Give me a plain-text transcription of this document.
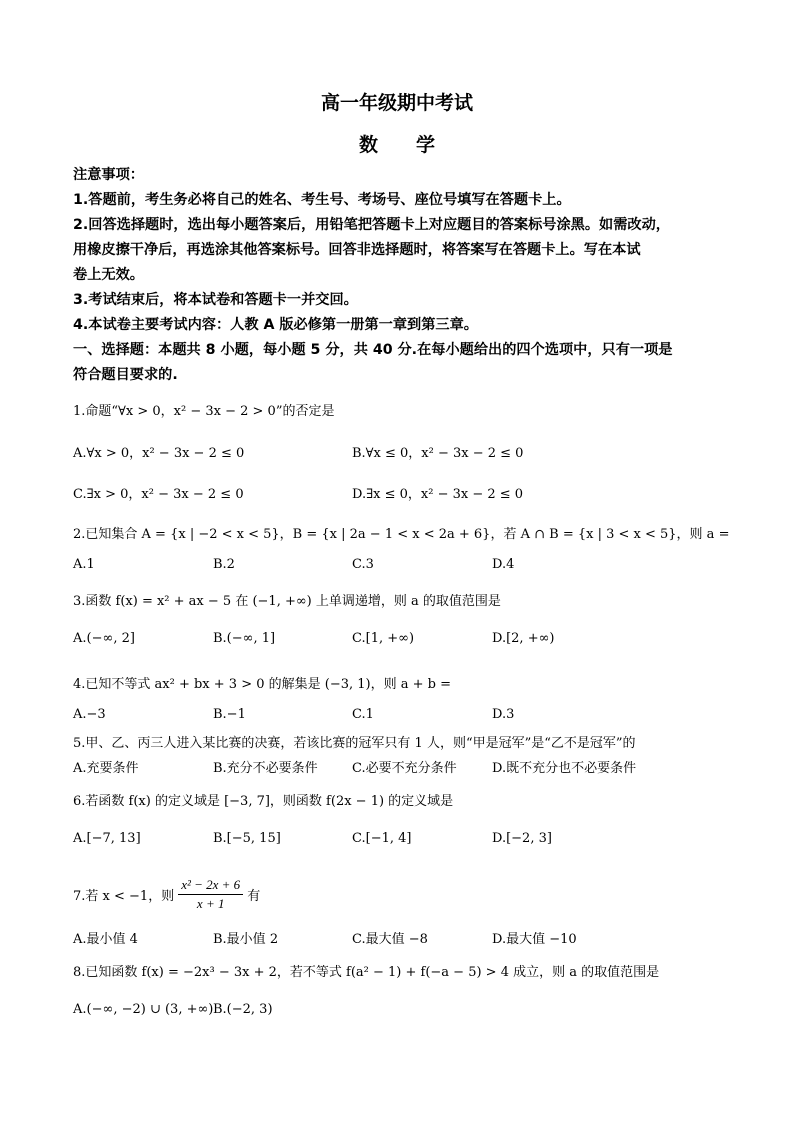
高一年级期中考试
数 学
注意事项：
1.答题前，考生务必将自己的姓名、考生号、考场号、座位号填写在答题卡上。
2.回答选择题时，选出每小题答案后，用铅笔把答题卡上对应题目的答案标号涂黑。如需改动，
用橡皮擦干净后，再选涂其他答案标号。回答非选择题时，将答案写在答题卡上。写在本试
卷上无效。
3.考试结束后，将本试卷和答题卡一并交回。
4.本试卷主要考试内容：人教 A 版必修第一册第一章到第三章。
一、选择题：本题共 8 小题，每小题 5 分，共 40 分.在每小题给出的四个选项中，只有一项是
符合题目要求的.
1.命题“∀x > 0，x² − 3x − 2 > 0”的否定是
A.∀x > 0，x² − 3x − 2 ≤ 0	B.∀x ≤ 0，x² − 3x − 2 ≤ 0
C.∃x > 0，x² − 3x − 2 ≤ 0	D.∃x ≤ 0，x² − 3x − 2 ≤ 0
2.已知集合 A = {x | −2 < x < 5}，B = {x | 2a − 1 < x < 2a + 6}，若 A ∩ B = {x | 3 < x < 5}，则 a =
A.1	B.2	C.3	D.4
3.函数 f(x) = x² + ax − 5 在 (−1, +∞) 上单调递增，则 a 的取值范围是
A.(−∞, 2]	B.(−∞, 1]	C.[1, +∞)	D.[2, +∞)
4.已知不等式 ax² + bx + 3 > 0 的解集是 (−3, 1)，则 a + b =
A.−3	B.−1	C.1	D.3
5.甲、乙、丙三人进入某比赛的决赛，若该比赛的冠军只有 1 人，则“甲是冠军”是“乙不是冠军”的
A.充要条件	B.充分不必要条件	C.必要不充分条件	D.既不充分也不必要条件
6.若函数 f(x) 的定义域是 [−3, 7]，则函数 f(2x − 1) 的定义域是
A.[−7, 13]	B.[−5, 15]	C.[−1, 4]	D.[−2, 3]
7.若 x < −1，则 $\frac{\text{x² − 2x + 6}}{x + 1}$ 有
A.最小值 4	B.最小值 2	C.最大值 −8	D.最大值 −10
8.已知函数 f(x) = −2x³ − 3x + 2，若不等式 f(a² − 1) + f(−a − 5) > 4 成立，则 a 的取值范围是
A.(−∞, −2) ∪ (3, +∞) B.(−2, 3)
